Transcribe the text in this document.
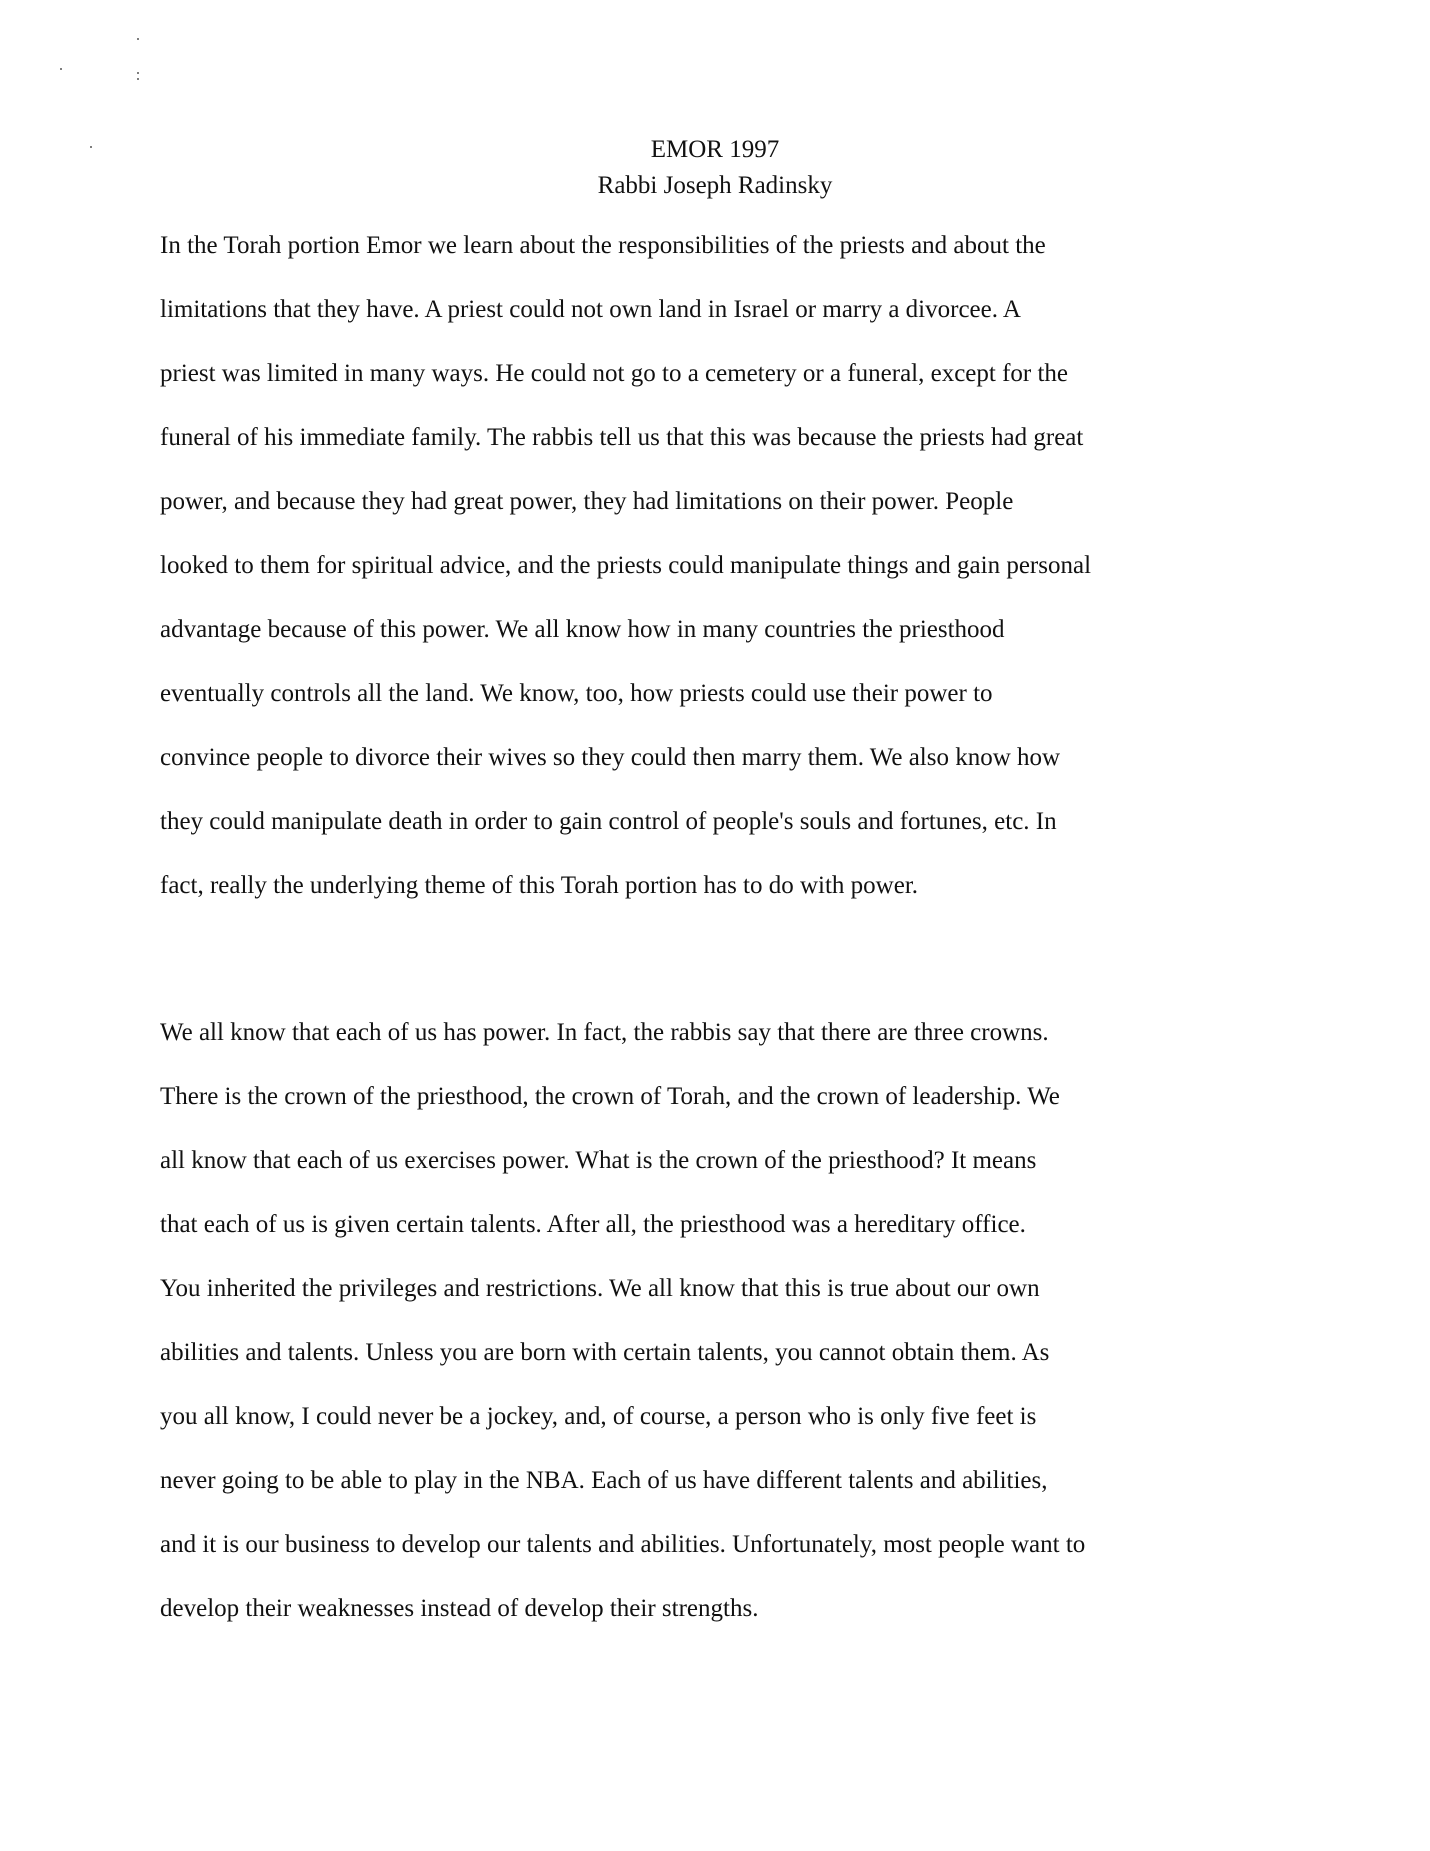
EMOR 1997
Rabbi Joseph Radinsky
In the Torah portion Emor we learn about the responsibilities of the priests and about the
limitations that they have. A priest could not own land in Israel or marry a divorcee. A
priest was limited in many ways. He could not go to a cemetery or a funeral, except for the
funeral of his immediate family. The rabbis tell us that this was because the priests had great
power, and because they had great power, they had limitations on their power. People
looked to them for spiritual advice, and the priests could manipulate things and gain personal
advantage because of this power. We all know how in many countries the priesthood
eventually controls all the land. We know, too, how priests could use their power to
convince people to divorce their wives so they could then marry them. We also know how
they could manipulate death in order to gain control of people's souls and fortunes, etc. In
fact, really the underlying theme of this Torah portion has to do with power.
We all know that each of us has power. In fact, the rabbis say that there are three crowns.
There is the crown of the priesthood, the crown of Torah, and the crown of leadership. We
all know that each of us exercises power. What is the crown of the priesthood? It means
that each of us is given certain talents. After all, the priesthood was a hereditary office.
You inherited the privileges and restrictions. We all know that this is true about our own
abilities and talents. Unless you are born with certain talents, you cannot obtain them. As
you all know, I could never be a jockey, and, of course, a person who is only five feet is
never going to be able to play in the NBA. Each of us have different talents and abilities,
and it is our business to develop our talents and abilities. Unfortunately, most people want to
develop their weaknesses instead of develop their strengths.
